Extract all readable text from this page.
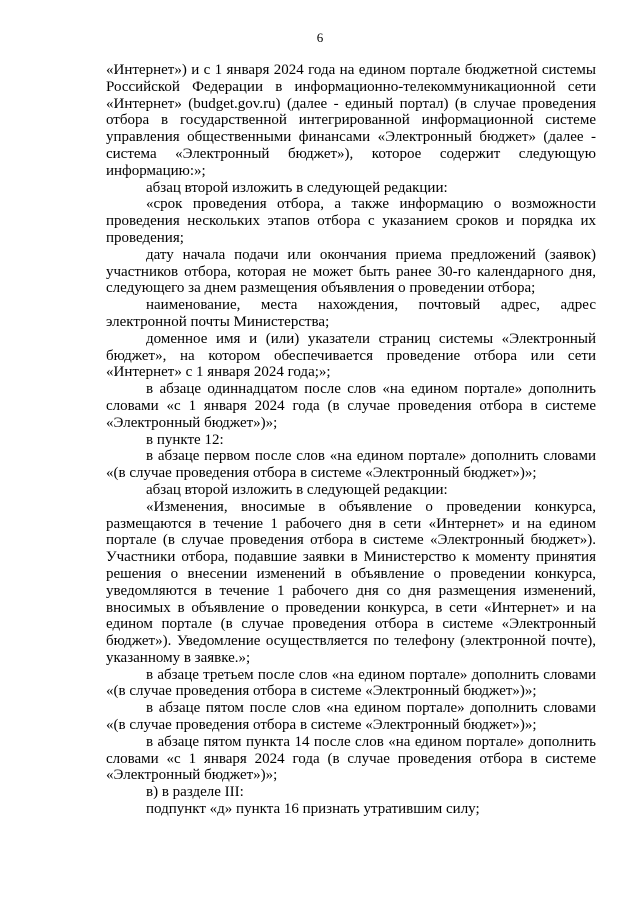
6

«Интернет») и с 1 января 2024 года на едином портале бюджетной системы Российской Федерации в информационно-телекоммуникационной сети «Интернет» (budget.gov.ru) (далее - единый портал) (в случае проведения отбора в государственной интегрированной информационной системе управления общественными финансами «Электронный бюджет» (далее - система «Электронный бюджет»), которое содержит следующую информацию:»;

абзац второй изложить в следующей редакции:

«срок проведения отбора, а также информацию о возможности проведения нескольких этапов отбора с указанием сроков и порядка их проведения;

дату начала подачи или окончания приема предложений (заявок) участников отбора, которая не может быть ранее 30-го календарного дня, следующего за днем размещения объявления о проведении отбора;

наименование, места нахождения, почтовый адрес, адрес электронной почты Министерства;

доменное имя и (или) указатели страниц системы «Электронный бюджет», на котором обеспечивается проведение отбора или сети «Интернет» с 1 января 2024 года;»;

в абзаце одиннадцатом после слов «на едином портале» дополнить словами «с 1 января 2024 года (в случае проведения отбора в системе «Электронный бюджет»)»;

в пункте 12:

в абзаце первом после слов «на едином портале» дополнить словами «(в случае проведения отбора в системе «Электронный бюджет»)»;

абзац второй изложить в следующей редакции:

«Изменения, вносимые в объявление о проведении конкурса, размещаются в течение 1 рабочего дня в сети «Интернет» и на едином портале (в случае проведения отбора в системе «Электронный бюджет»). Участники отбора, подавшие заявки в Министерство к моменту принятия решения о внесении изменений в объявление о проведении конкурса, уведомляются в течение 1 рабочего дня со дня размещения изменений, вносимых в объявление о проведении конкурса, в сети «Интернет» и на едином портале (в случае проведения отбора в системе «Электронный бюджет»). Уведомление осуществляется по телефону (электронной почте), указанному в заявке.»;

в абзаце третьем после слов «на едином портале» дополнить словами «(в случае проведения отбора в системе «Электронный бюджет»)»;

в абзаце пятом после слов «на едином портале» дополнить словами «(в случае проведения отбора в системе «Электронный бюджет»)»;

в абзаце пятом пункта 14 после слов «на едином портале» дополнить словами «с 1 января 2024 года (в случае проведения отбора в системе «Электронный бюджет»)»;

в) в разделе III:

подпункт «д» пункта 16 признать утратившим силу;
